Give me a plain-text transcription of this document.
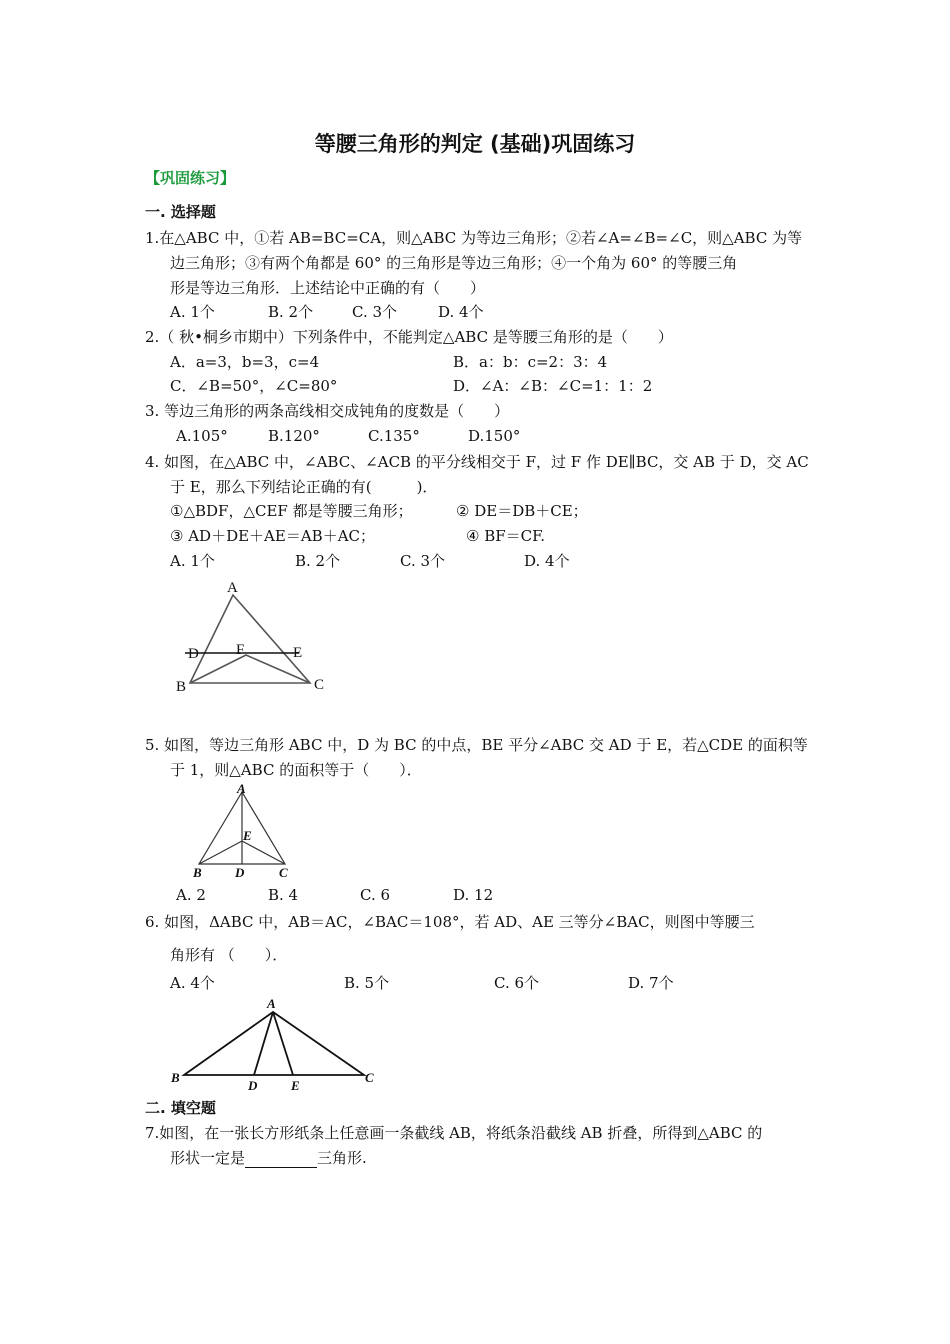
等腰三角形的判定 (基础)巩固练习
【巩固练习】
一. 选择题
1.在△ABC 中，①若 AB=BC=CA，则△ABC 为等边三角形；②若∠A=∠B=∠C，则△ABC 为等
边三角形；③有两个角都是 60° 的三角形是等边三角形；④一个角为 60° 的等腰三角
形是等边三角形．上述结论中正确的有（　　）
A. 1个	B. 2个	C. 3个	D. 4个
2.（ 秋•桐乡市期中）下列条件中，不能判定△ABC 是等腰三角形的是（　　）
A．a=3，b=3，c=4	B．a：b：c=2：3：4
C．∠B=50°，∠C=80°	D．∠A：∠B：∠C=1：1：2
3. 等边三角形的两条高线相交成钝角的度数是（　　）
A.105°	B.120°	C.135°	D.150°
4. 如图，在△ABC 中，∠ABC、∠ACB 的平分线相交于 F，过 F 作 DE∥BC，交 AB 于 D，交 AC
于 E，那么下列结论正确的有(　　　)．
①△BDF，△CEF 都是等腰三角形；	② DE＝DB＋CE；
③ AD＋DE＋AE＝AB＋AC；	④ BF＝CF.
A. 1个	B. 2个	C. 3个	D. 4个
5. 如图，等边三角形 ABC 中，D 为 BC 的中点，BE 平分∠ABC 交 AD 于 E，若△CDE 的面积等
于 1，则△ABC 的面积等于（　　）．
A. 2	B. 4	C. 6	D. 12
6. 如图，ΔABC 中，AB＝AC，∠BAC＝108°，若 AD、AE 三等分∠BAC，则图中等腰三
角形有 （　　）．
A. 4个	B. 5个	C. 6个	D. 7个
二. 填空题
7.如图，在一张长方形纸条上任意画一条截线 AB，将纸条沿截线 AB 折叠，所得到△ABC 的
形状一定是	三角形.
A
D F	E
B	C
A
E
B	D	C
A
B
D	E
C
